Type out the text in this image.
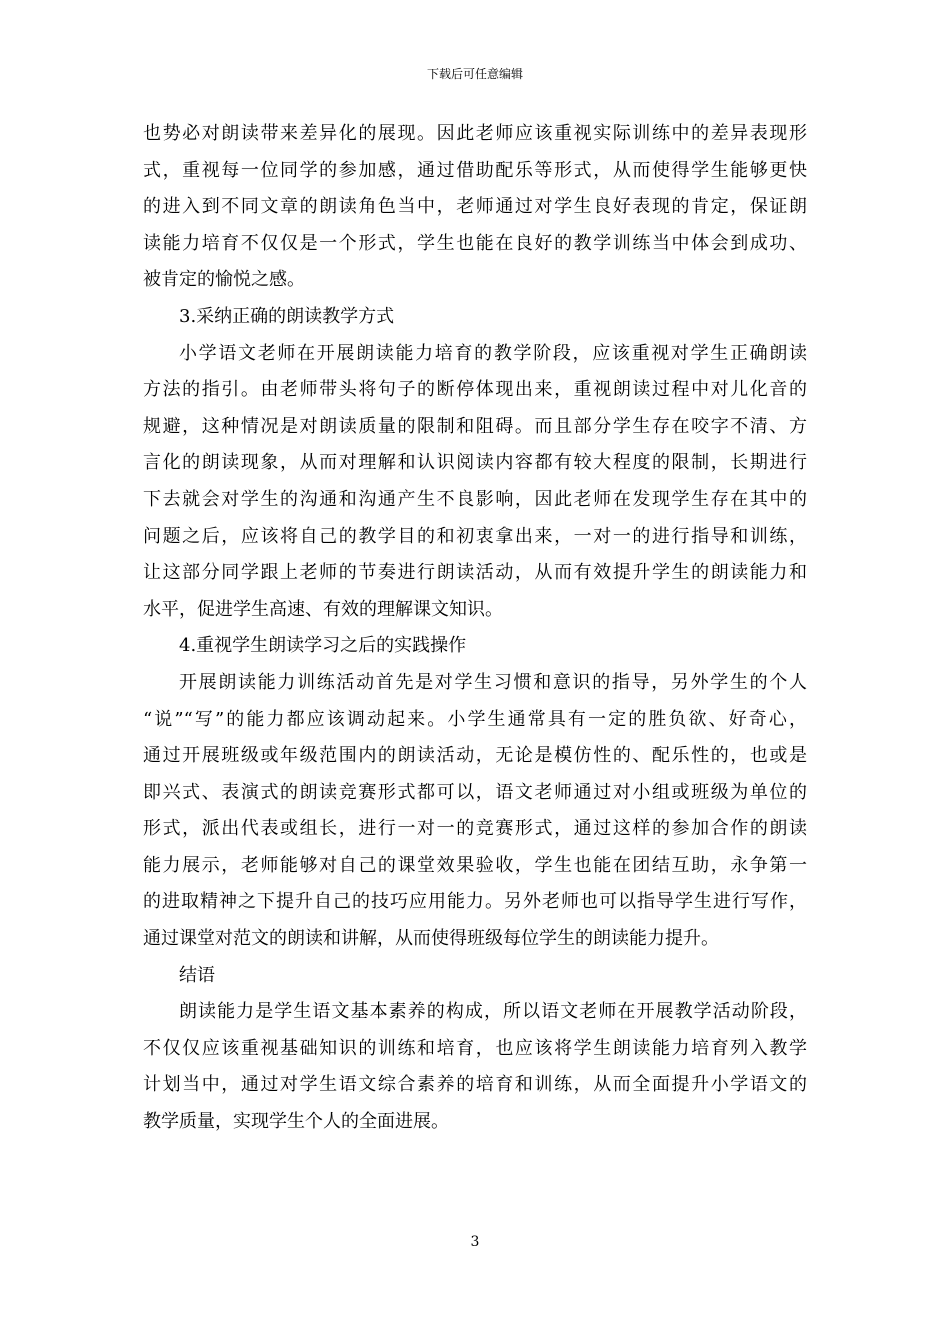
下载后可任意编辑
也势必对朗读带来差异化的展现。因此老师应该重视实际训练中的差异表现形
式，重视每一位同学的参加感，通过借助配乐等形式，从而使得学生能够更快
的进入到不同文章的朗读角色当中，老师通过对学生良好表现的肯定，保证朗
读能力培育不仅仅是一个形式，学生也能在良好的教学训练当中体会到成功、
被肯定的愉悦之感。
3.采纳正确的朗读教学方式
小学语文老师在开展朗读能力培育的教学阶段，应该重视对学生正确朗读
方法的指引。由老师带头将句子的断停体现出来，重视朗读过程中对儿化音的
规避，这种情况是对朗读质量的限制和阻碍。而且部分学生存在咬字不清、方
言化的朗读现象，从而对理解和认识阅读内容都有较大程度的限制，长期进行
下去就会对学生的沟通和沟通产生不良影响，因此老师在发现学生存在其中的
问题之后，应该将自己的教学目的和初衷拿出来，一对一的进行指导和训练，
让这部分同学跟上老师的节奏进行朗读活动，从而有效提升学生的朗读能力和
水平，促进学生高速、有效的理解课文知识。
4.重视学生朗读学习之后的实践操作
开展朗读能力训练活动首先是对学生习惯和意识的指导，另外学生的个人
“说”“写”的能力都应该调动起来。小学生通常具有一定的胜负欲、好奇心，
通过开展班级或年级范围内的朗读活动，无论是模仿性的、配乐性的，也或是
即兴式、表演式的朗读竞赛形式都可以，语文老师通过对小组或班级为单位的
形式，派出代表或组长，进行一对一的竞赛形式，通过这样的参加合作的朗读
能力展示，老师能够对自己的课堂效果验收，学生也能在团结互助，永争第一
的进取精神之下提升自己的技巧应用能力。另外老师也可以指导学生进行写作，
通过课堂对范文的朗读和讲解，从而使得班级每位学生的朗读能力提升。
结语
朗读能力是学生语文基本素养的构成，所以语文老师在开展教学活动阶段，
不仅仅应该重视基础知识的训练和培育，也应该将学生朗读能力培育列入教学
计划当中，通过对学生语文综合素养的培育和训练，从而全面提升小学语文的
教学质量，实现学生个人的全面进展。
3
